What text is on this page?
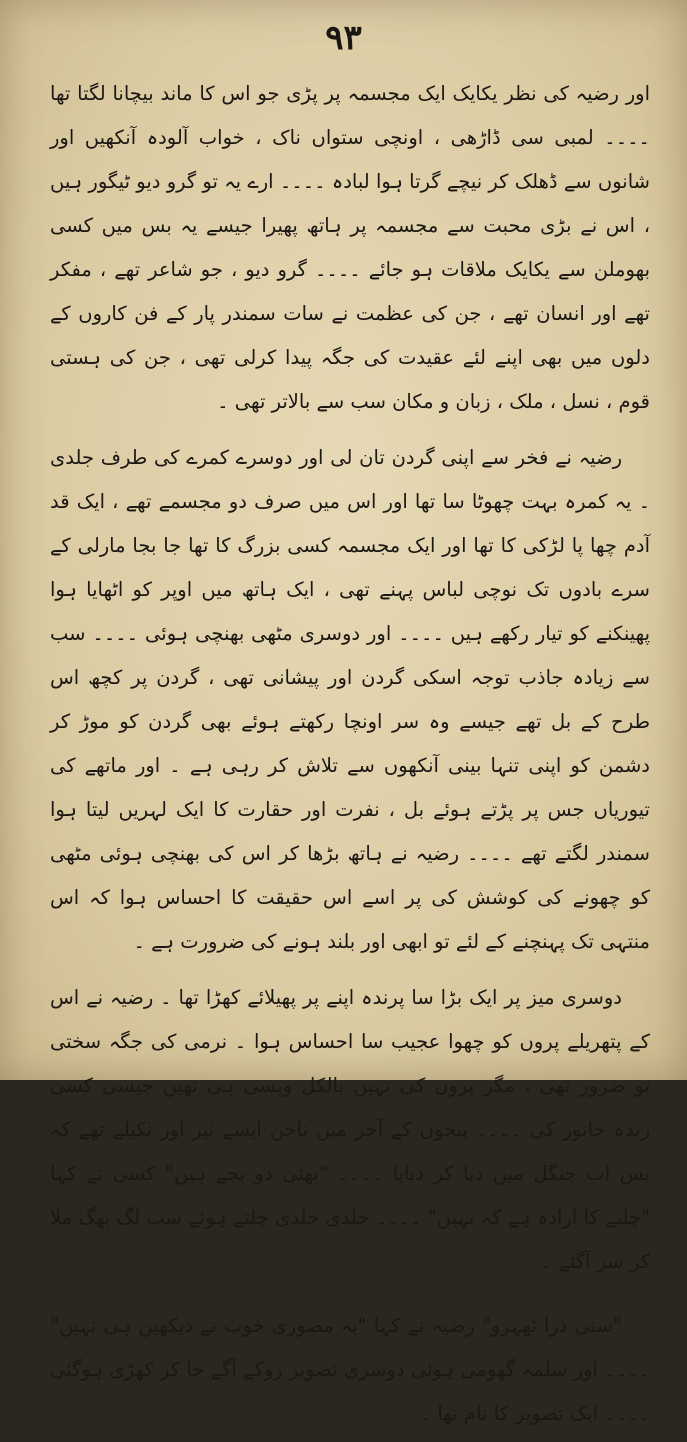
۹۳

اور رضیہ کی نظر یکایک ایک مجسمہ پر پڑی جو اس کا ماند بیچانا لگتا تھا ۔۔۔۔ لمبی سی ڈاڑھی ، اونچی ستواں ناک ، خواب آلودہ آنکھیں اور شانوں سے ڈھلک کر نیچے گرتا ہوا لبادہ ۔۔۔۔ ارے یہ تو گرو دیو ٹیگور ہیں ، اس نے بڑی محبت سے مجسمہ پر ہاتھ پھیرا جیسے یہ بس میں کسی بھوملن سے یکایک ملاقات ہو جائے ۔۔۔۔ گرو دیو ، جو شاعر تھے ، مفکر تھے اور انسان تھے ، جن کی عظمت نے سات سمندر پار کے فن کاروں کے دلوں میں بھی اپنے لئے عقیدت کی جگہ پیدا کرلی تھی ، جن کی ہستی قوم ، نسل ، ملک ، زبان و مکان سب سے بالاتر تھی ۔

رضیہ نے فخر سے اپنی گردن تان لی اور دوسرے کمرے کی طرف جلدی ۔ یہ کمرہ بہت چھوٹا سا تھا اور اس میں صرف دو مجسمے تھے ، ایک قد آدم چھا پا لڑکی کا تھا اور ایک مجسمہ کسی بزرگ کا تھا جا بجا مارلی کے سرے بادوں تک نوچی لباس پہنے تھی ، ایک ہاتھ میں اوپر کو اٹھایا ہوا پھینکنے کو تیار رکھے ہیں ۔۔۔۔ اور دوسری مٹھی بھنچی ہوئی ۔۔۔۔ سب سے زیادہ جاذب توجہ اسکی گردن اور پیشانی تھی ، گردن پر کچھ اس طرح کے بل تھے جیسے وہ سر اونچا رکھتے ہوئے بھی گردن کو موڑ کر دشمن کو اپنی تنہا بینی آنکھوں سے تلاش کر رہی ہے ۔ اور ماتھے کی تیوریاں جس پر پڑتے ہوئے بل ، نفرت اور حقارت کا ایک لہریں لیتا ہوا سمندر لگتے تھے ۔۔۔۔ رضیہ نے ہاتھ بڑھا کر اس کی بھنچی ہوئی مٹھی کو چھونے کی کوشش کی پر اسے اس حقیقت کا احساس ہوا کہ اس منتہی تک پہنچنے کے لئے تو ابھی اور بلند ہونے کی ضرورت ہے ۔

دوسری میز پر ایک بڑا سا پرندہ اپنے پر پھیلائے کھڑا تھا ۔ رضیہ نے اس کے پتھریلے پروں کو چھوا عجیب سا احساس ہوا ۔ نرمی کی جگہ سختی تو ضرور تھی ، مگر پروں کی تہیں بالکل ویسی ہی تھیں جیسی کسی زندہ جانور کی ۔۔۔۔ پنجوں کے آخر میں ناخن ایسے نیز اور نکیلے تھے کہ بس اب جنگل میں دبا کر دبایا ۔۔۔۔ "بھئی دو بجے ہیں" کسی نے کہا "چلنے کا ارادہ ہے کہ نہیں" ۔۔۔۔ جلدی جلدی چلتے ہوئے سب لگ بھگ ملا کر سر آگئے ۔

"سنی ذرا ٹھہرو" رضیہ نے کہا "یہ مصوری خوب نے دیکھیں ہی نہیں" ۔۔۔۔ اور سلمہ گھومی ہوئی دوسری تصویر روکے آگے جا کر کھڑی ہوگئی ۔۔۔۔ ایک تصویر کا نام تھا ۔
